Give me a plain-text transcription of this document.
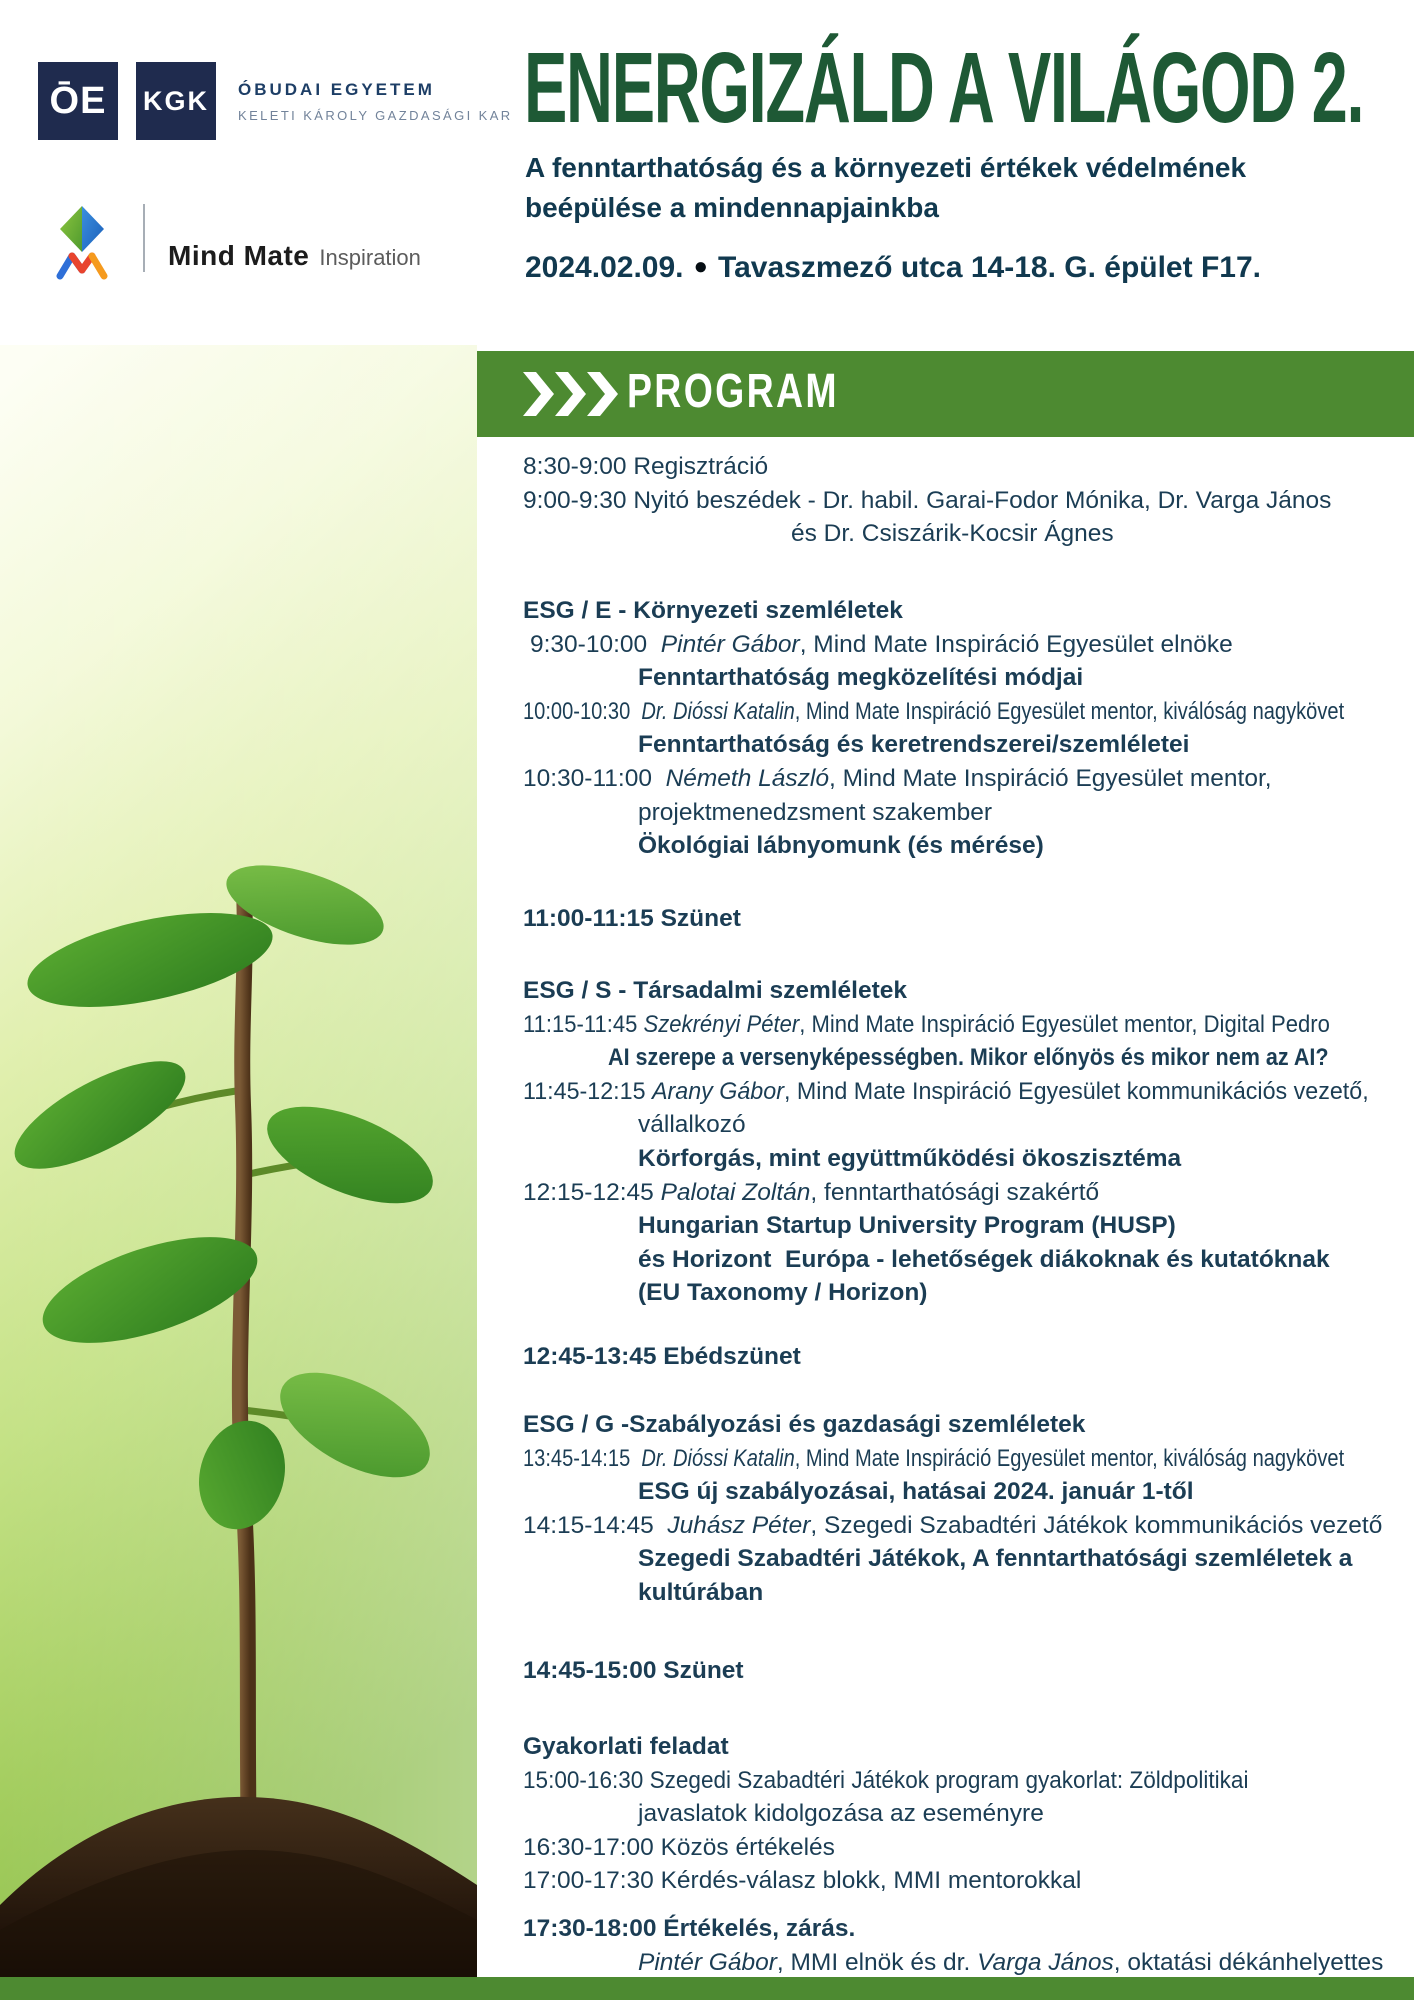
ŌE KGK ÓBUDAI EGYETEM
KELETI KÁROLY GAZDASÁGI KAR
Mind Mate Inspiration
ENERGIZÁLD A VILÁGOD 2.
A fenntarthatóság és a környezeti értékek védelmének
beépülése a mindennapjainkba
2024.02.09. ● Tavaszmező utca 14-18. G. épület F17.
PROGRAM
8:30-9:00 Regisztráció
9:00-9:30 Nyitó beszédek - Dr. habil. Garai-Fodor Mónika, Dr. Varga János
és Dr. Csiszárik-Kocsir Ágnes
ESG / E - Környezeti szemléletek
9:30-10:00  Pintér Gábor, Mind Mate Inspiráció Egyesület elnöke
Fenntarthatóság megközelítési módjai
10:00-10:30  Dr. Dióssi Katalin, Mind Mate Inspiráció Egyesület mentor, kiválóság nagykövet
Fenntarthatóság és keretrendszerei/szemléletei
10:30-11:00  Németh László, Mind Mate Inspiráció Egyesület mentor,
projektmenedzsment szakember
Ökológiai lábnyomunk (és mérése)
11:00-11:15 Szünet
ESG / S - Társadalmi szemléletek
11:15-11:45 Szekrényi Péter, Mind Mate Inspiráció Egyesület mentor, Digital Pedro
AI szerepe a versenyképességben. Mikor előnyös és mikor nem az AI?
11:45-12:15 Arany Gábor, Mind Mate Inspiráció Egyesület kommunikációs vezető,
vállalkozó
Körforgás, mint együttműködési ökoszisztéma
12:15-12:45 Palotai Zoltán, fenntarthatósági szakértő
Hungarian Startup University Program (HUSP)
és Horizont  Európa - lehetőségek diákoknak és kutatóknak
(EU Taxonomy / Horizon)
12:45-13:45 Ebédszünet
ESG / G -Szabályozási és gazdasági szemléletek
13:45-14:15  Dr. Dióssi Katalin, Mind Mate Inspiráció Egyesület mentor, kiválóság nagykövet
ESG új szabályozásai, hatásai 2024. január 1-től
14:15-14:45  Juhász Péter, Szegedi Szabadtéri Játékok kommunikációs vezető
Szegedi Szabadtéri Játékok, A fenntarthatósági szemléletek a
kultúrában
14:45-15:00 Szünet
Gyakorlati feladat
15:00-16:30 Szegedi Szabadtéri Játékok program gyakorlat: Zöldpolitikai
javaslatok kidolgozása az eseményre
16:30-17:00 Közös értékelés
17:00-17:30 Kérdés-válasz blokk, MMI mentorokkal
17:30-18:00 Értékelés, zárás.
Pintér Gábor, MMI elnök és dr. Varga János, oktatási dékánhelyettes
